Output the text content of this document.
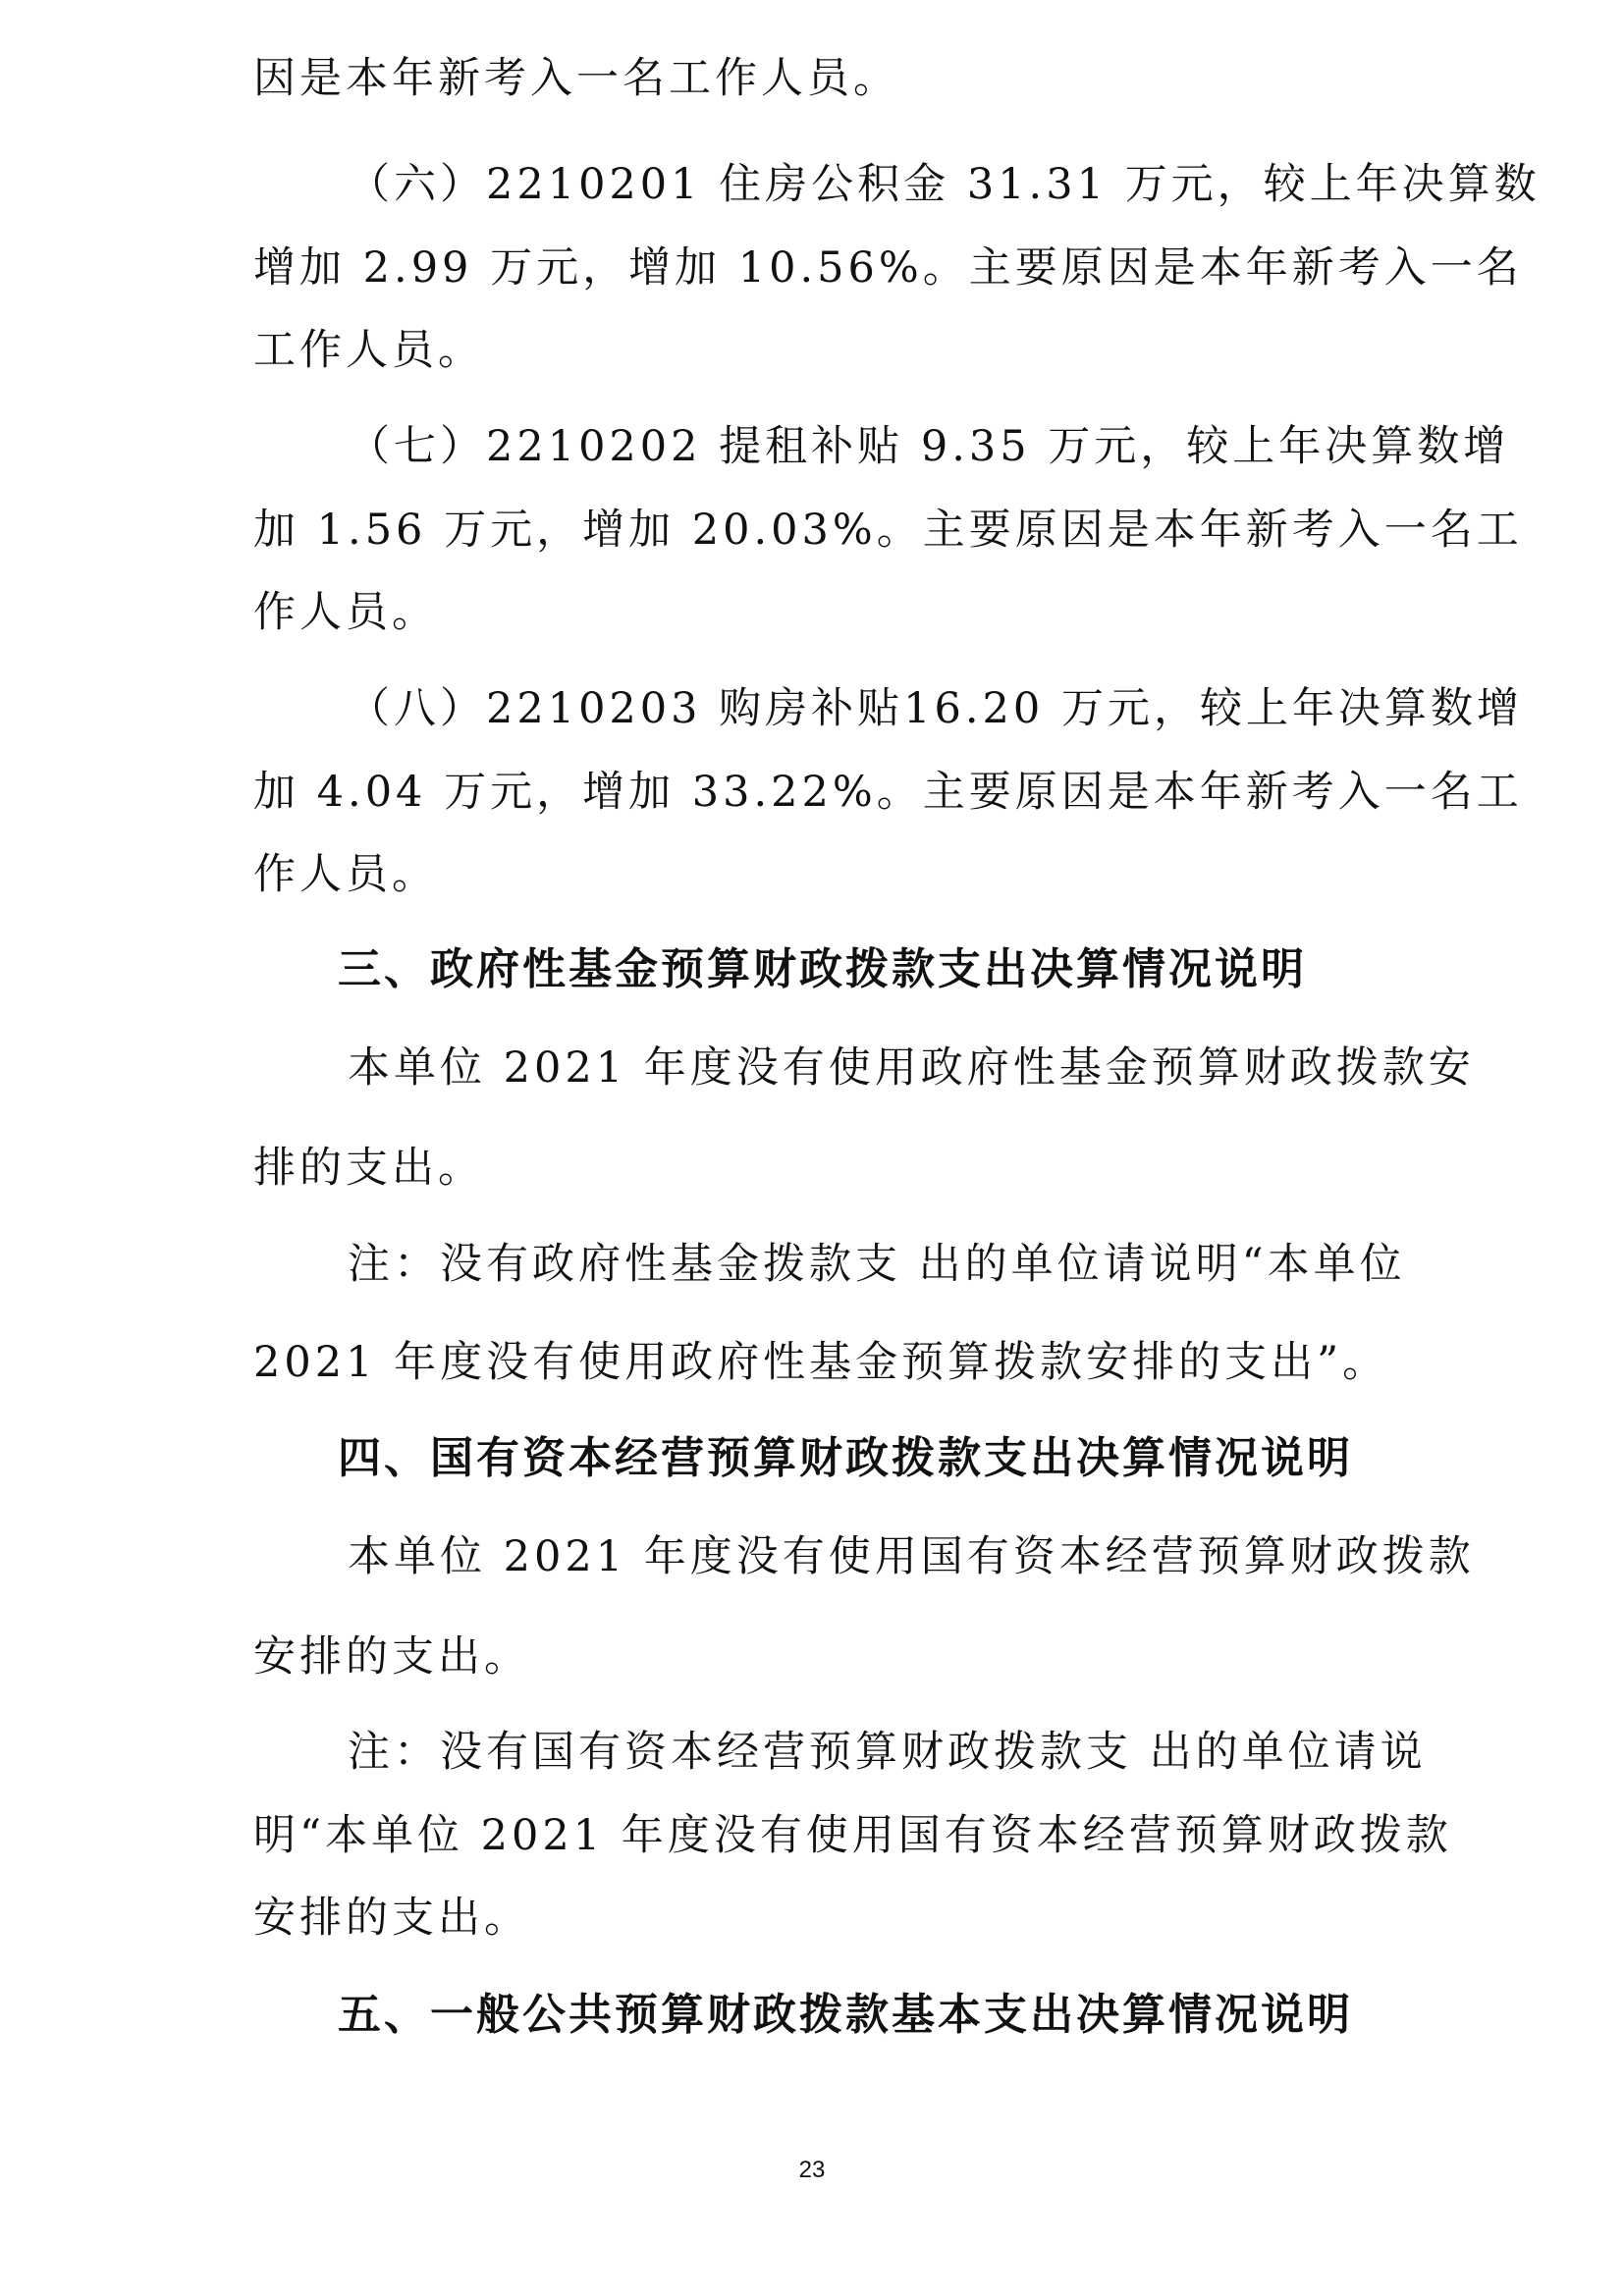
因是本年新考入一名工作人员。

（六）2210201 住房公积金 31.31 万元，较上年决算数

增加 2.99 万元，增加 10.56%。主要原因是本年新考入一名

工作人员。

（七）2210202 提租补贴 9.35 万元，较上年决算数增

加 1.56 万元，增加 20.03%。主要原因是本年新考入一名工

作人员。

（八）2210203 购房补贴16.20 万元，较上年决算数增

加 4.04 万元，增加 33.22%。主要原因是本年新考入一名工

作人员。

三、政府性基金预算财政拨款支出决算情况说明

本单位 2021 年度没有使用政府性基金预算财政拨款安

排的支出。

注：没有政府性基金拨款支 出的单位请说明“本单位

2021 年度没有使用政府性基金预算拨款安排的支出”。

四、国有资本经营预算财政拨款支出决算情况说明

本单位 2021 年度没有使用国有资本经营预算财政拨款

安排的支出。

注：没有国有资本经营预算财政拨款支 出的单位请说

明“本单位 2021 年度没有使用国有资本经营预算财政拨款

安排的支出。

五、一般公共预算财政拨款基本支出决算情况说明
23
